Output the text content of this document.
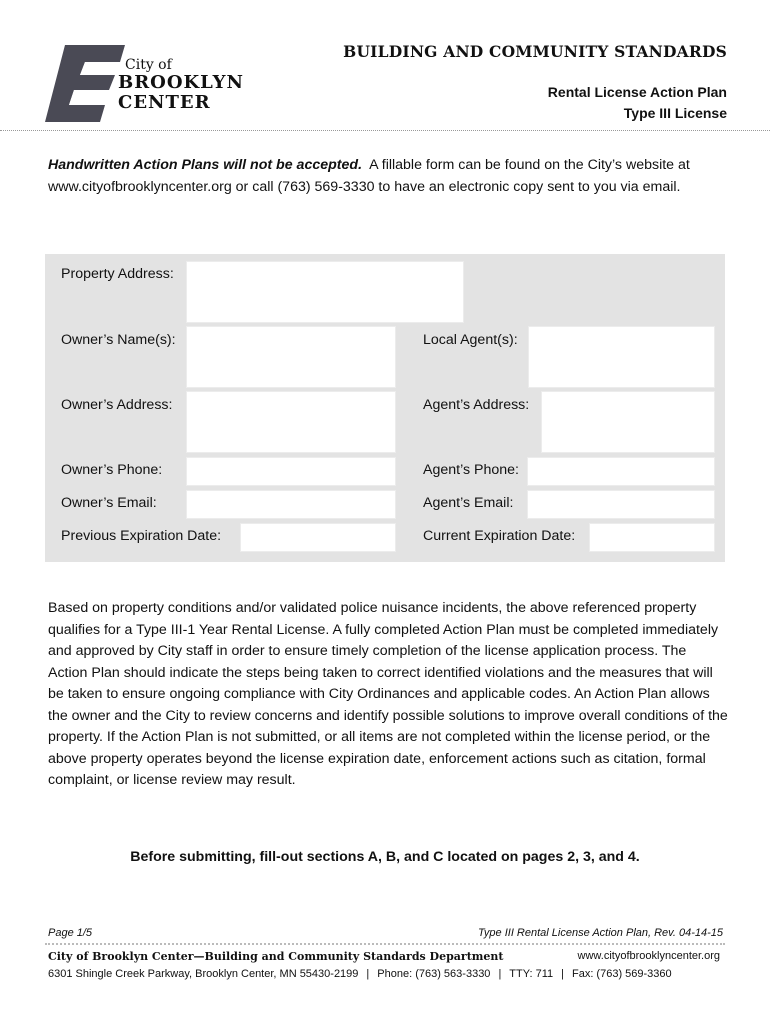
City of
BROOKLYN
CENTER
BUILDING AND COMMUNITY STANDARDS
Rental License Action Plan
Type III License
Handwritten Action Plans will not be accepted. A fillable form can be found on the City’s website at www.cityofbrooklyncenter.org or call (763) 569-3330 to have an electronic copy sent to you via email.
Property Address:
Owner’s Name(s):	Local Agent(s):
Owner’s Address:	Agent’s Address:
Owner’s Phone:	Agent’s Phone:
Owner’s Email:	Agent’s Email:
Previous Expiration Date:	Current Expiration Date:
Based on property conditions and/or validated police nuisance incidents, the above referenced property qualifies for a Type III-1 Year Rental License. A fully completed Action Plan must be completed immediately and approved by City staff in order to ensure timely completion of the license application process. The Action Plan should indicate the steps being taken to correct identified violations and the measures that will be taken to ensure ongoing compliance with City Ordinances and applicable codes. An Action Plan allows the owner and the City to review concerns and identify possible solutions to improve overall conditions of the property. If the Action Plan is not submitted, or all items are not completed within the license period, or the above property operates beyond the license expiration date, enforcement actions such as citation, formal complaint, or license review may result.
Before submitting, fill-out sections A, B, and C located on pages 2, 3, and 4.
Page 1/5	Type III Rental License Action Plan, Rev. 04-14-15
City of Brooklyn Center—Building and Community Standards Department	www.cityofbrooklyncenter.org
6301 Shingle Creek Parkway, Brooklyn Center, MN 55430-2199 | Phone: (763) 563-3330 | TTY: 711 | Fax: (763) 569-3360
